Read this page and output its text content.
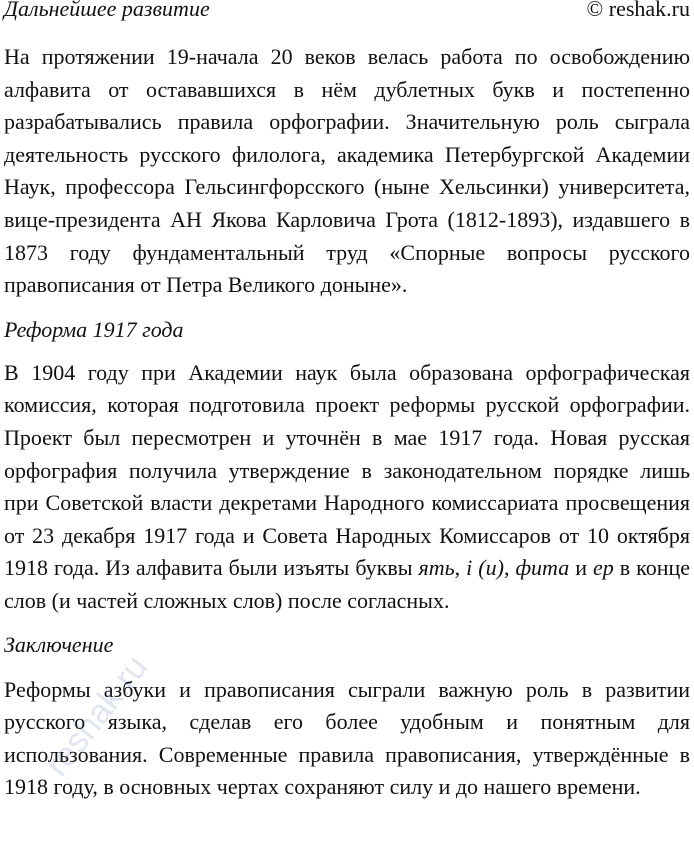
Дальнейшее развитие	© reshak.ru

На протяжении 19-начала 20 веков велась работа по освобождению алфавита от остававшихся в нём дублетных букв и постепенно разрабатывались правила орфографии. Значительную роль сыграла деятельность русского филолога, академика Петербургской Академии Наук, профессора Гельсингфорсского (ныне Хельсинки) университета, вице-президента АН Якова Карловича Грота (1812-1893), издавшего в 1873 году фундаментальный труд «Спорные вопросы русского правописания от Петра Великого доныне».

Реформа 1917 года

В 1904 году при Академии наук была образована орфографическая комиссия, которая подготовила проект реформы русской орфографии. Проект был пересмотрен и уточнён в мае 1917 года. Новая русская орфография получила утверждение в законодательном порядке лишь при Советской власти декретами Народного комиссариата просвещения от 23 декабря 1917 года и Совета Народных Комиссаров от 10 октября 1918 года. Из алфавита были изъяты буквы ять, і (и), фита и ер в конце слов (и частей сложных слов) после согласных.

Заключение

Реформы азбуки и правописания сыграли важную роль в развитии русского языка, сделав его более удобным и понятным для использования. Современные правила правописания, утверждённые в 1918 году, в основных чертах сохраняют силу и до нашего времени.

reshak.ru
